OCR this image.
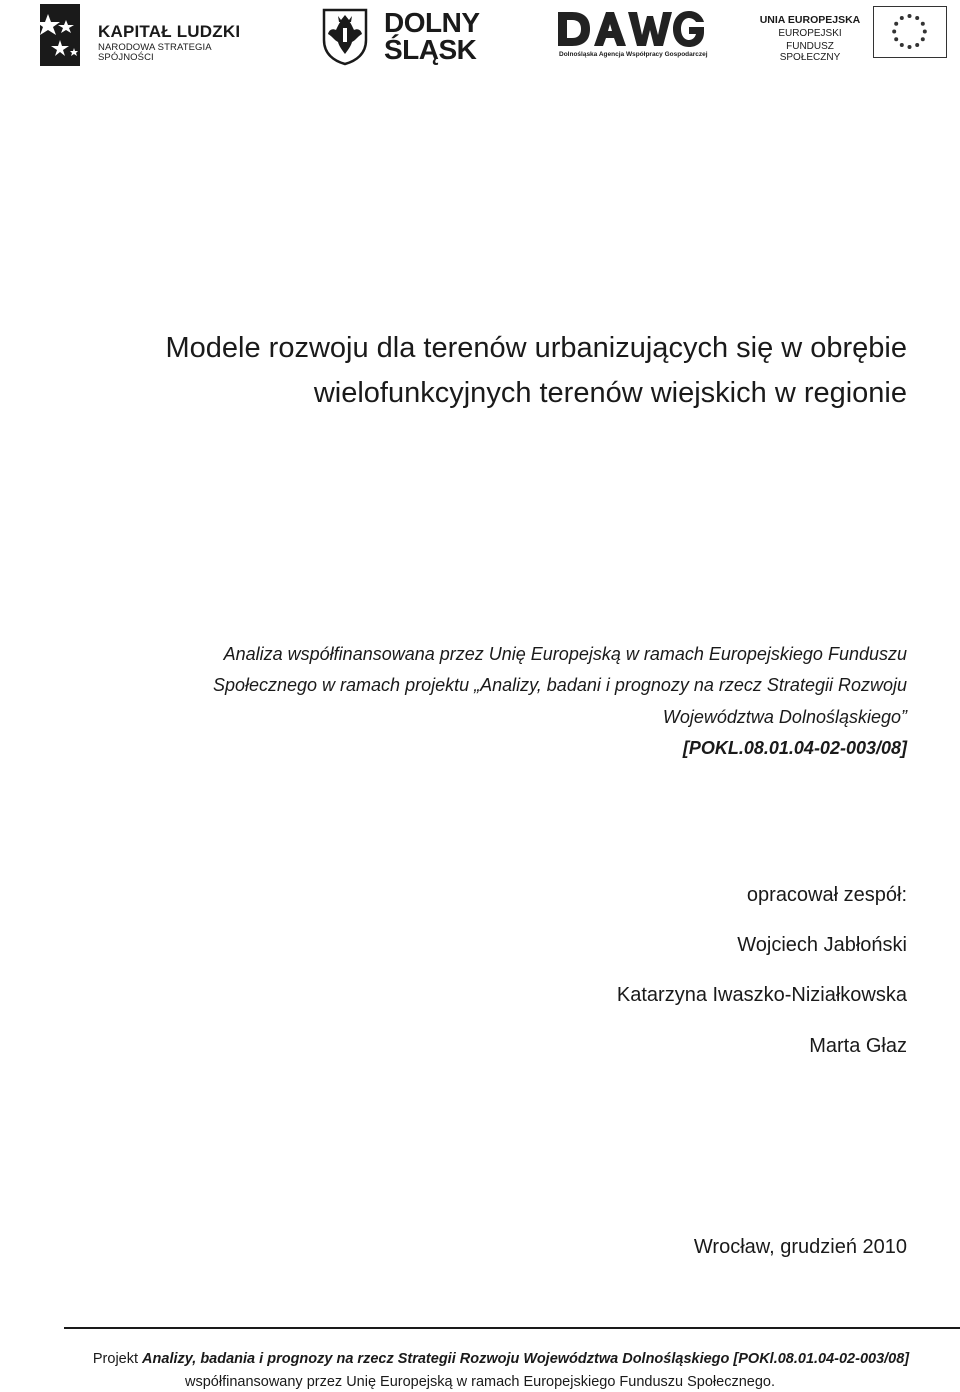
KAPITAŁ LUDZKI
NARODOWA STRATEGIA SPÓJNOŚCI
DOLNY
ŚLĄSK	Dolnośląska Agencja Współpracy Gospodarczej
UNIA EUROPEJSKA
EUROPEJSKI
FUNDUSZ SPOŁECZNY
Modele rozwoju dla terenów urbanizujących się w obrębie
wielofunkcyjnych terenów wiejskich w regionie
Analiza współfinansowana przez Unię Europejską w ramach Europejskiego Funduszu
Społecznego w ramach projektu „Analizy, badani i prognozy na rzecz Strategii Rozwoju
Województwa Dolnośląskiego”
[POKL.08.01.04-02-003/08]
opracował zespół:
Wojciech Jabłoński
Katarzyna Iwaszko-Niziałkowska
Marta Głaz
Wrocław, grudzień 2010
Projekt Analizy, badania i prognozy na rzecz Strategii Rozwoju Województwa Dolnośląskiego [POKl.08.01.04-02-003/08]
współfinansowany przez Unię Europejską w ramach Europejskiego Funduszu Społecznego.
